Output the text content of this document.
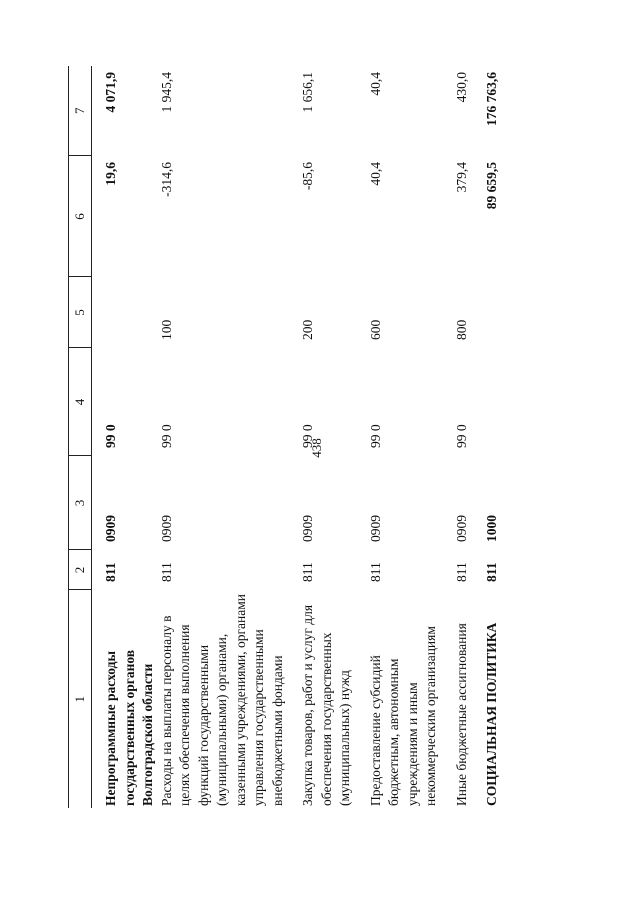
438
1	2	3	4	5	6	7
Непрограммные расходы государственных органов Волгоградской области	811	0909	99 0		19,6	4 071,9
Расходы на выплаты персоналу в целях обеспечения выполнения функций государственными (муниципальными) органами, казенными учреждениями, органами управления государственными внебюджетными фондами	811	0909	99 0	100	-314,6	1 945,4
Закупка товаров, работ и услуг для обеспечения государственных (муниципальных) нужд	811	0909	99 0	200	-85,6	1 656,1
Предоставление субсидий бюджетным, автономным учреждениям и иным некоммерческим организациям	811	0909	99 0	600	40,4	40,4
Иные бюджетные ассигнования	811	0909	99 0	800	379,4	430,0
СОЦИАЛЬНАЯ ПОЛИТИКА	811	1000			89 659,5	176 763,6
